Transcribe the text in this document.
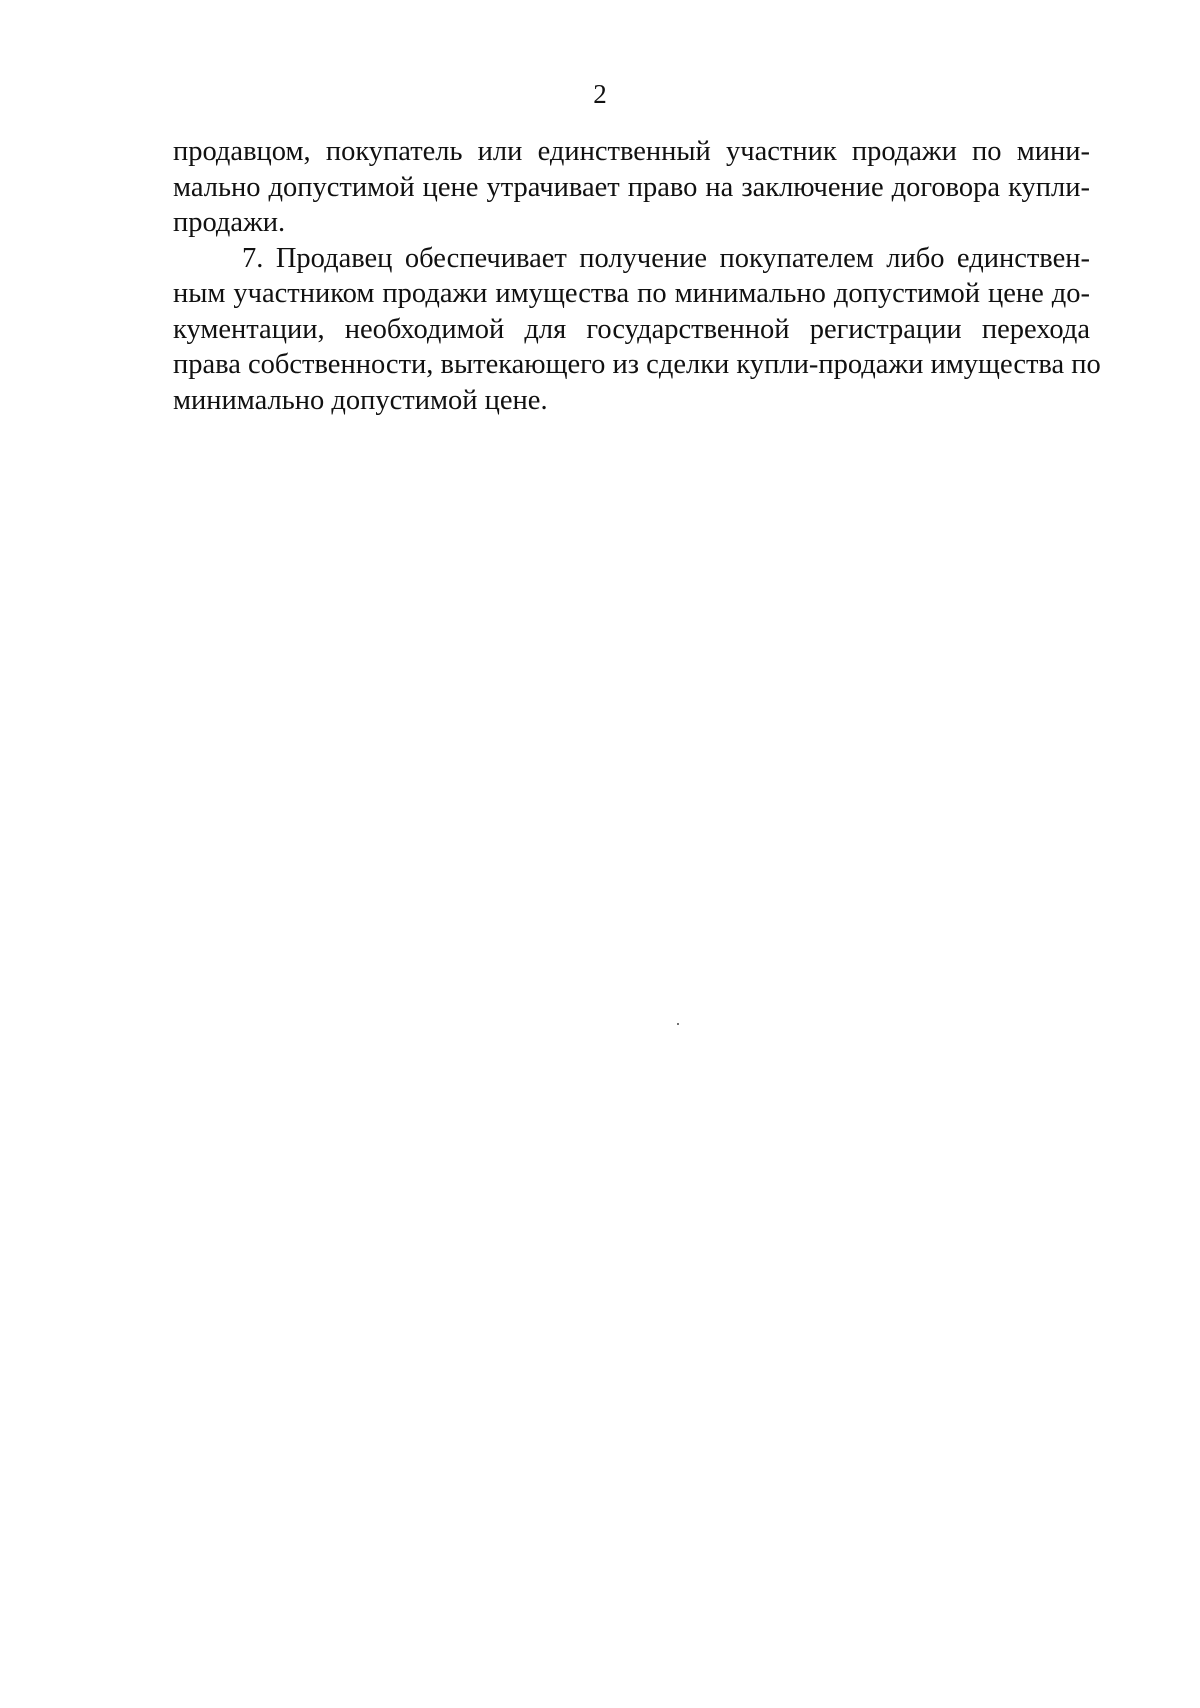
2
продавцом, покупатель или единственный участник продажи по мини-
мально допустимой цене утрачивает право на заключение договора купли-
продажи.
7. Продавец обеспечивает получение покупателем либо единствен-
ным участником продажи имущества по минимально допустимой цене до-
кументации, необходимой для государственной регистрации перехода
права собственности, вытекающего из сделки купли-продажи имущества по
минимально допустимой цене.
